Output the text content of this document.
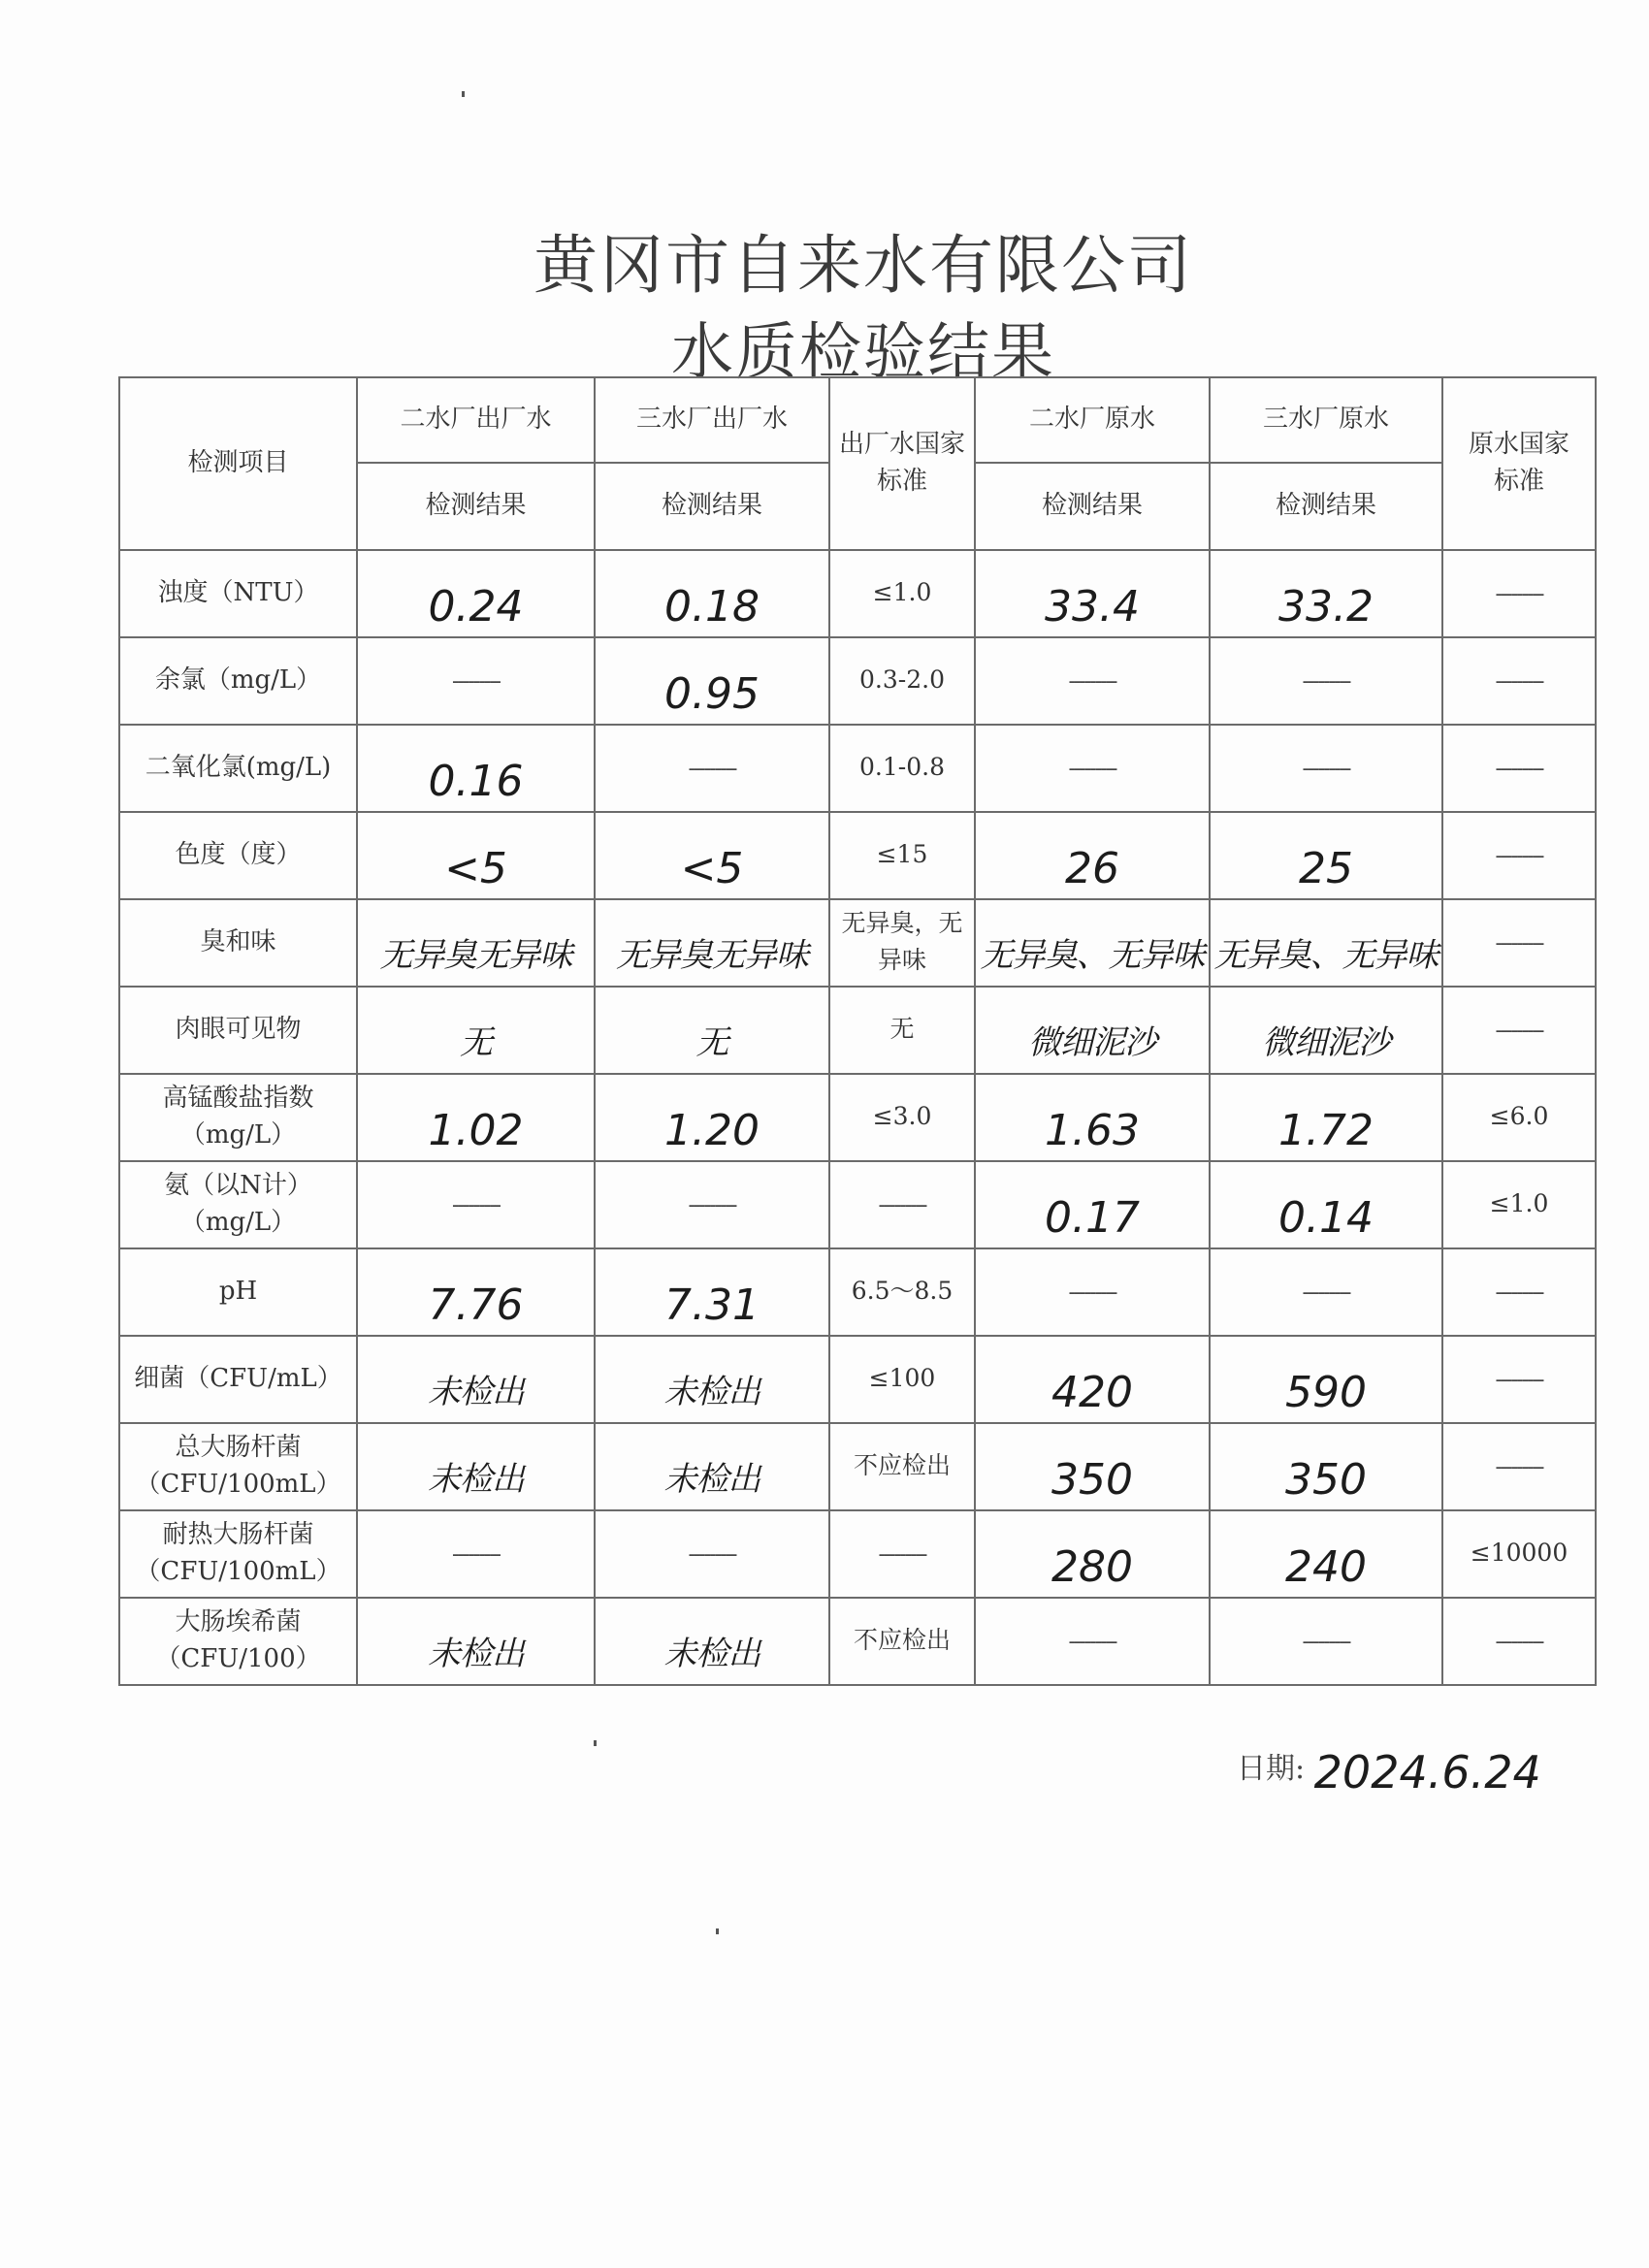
黄冈市自来水有限公司
水质检验结果
检测项目	二水厂出厂水	三水厂出厂水	出厂水国家标准	二水厂原水	三水厂原水	原水国家标准
	检测结果	检测结果		检测结果	检测结果	
浊度（NTU）	0.24	0.18	≤1.0	33.4	33.2	---------
余氯（mg/L）	---------	0.95	0.3-2.0	---------	---------	---------
二氧化氯(mg/L)	0.16	---------	0.1-0.8	---------	---------	---------
色度（度）	<5	<5	≤15	26	25	---------
臭和味	无异臭无异味	无异臭无异味	无异臭，无异味	无异臭、无异味	无异臭、无异味	---------
肉眼可见物	无	无	无	微细泥沙	微细泥沙	---------
高锰酸盐指数（mg/L）	1.02	1.20	≤3.0	1.63	1.72	≤6.0
氨（以N计）（mg/L）	---------	---------	---------	0.17	0.14	≤1.0
pH	7.76	7.31	6.5～8.5	---------	---------	---------
细菌（CFU/mL）	未检出	未检出	≤100	420	590	---------
总大肠杆菌（CFU/100mL）	未检出	未检出	不应检出	350	350	---------
耐热大肠杆菌（CFU/100mL）	---------	---------	---------	280	240	≤10000
大肠埃希菌（CFU/100）	未检出	未检出	不应检出	---------	---------	---------
日期: 2024.6.24
